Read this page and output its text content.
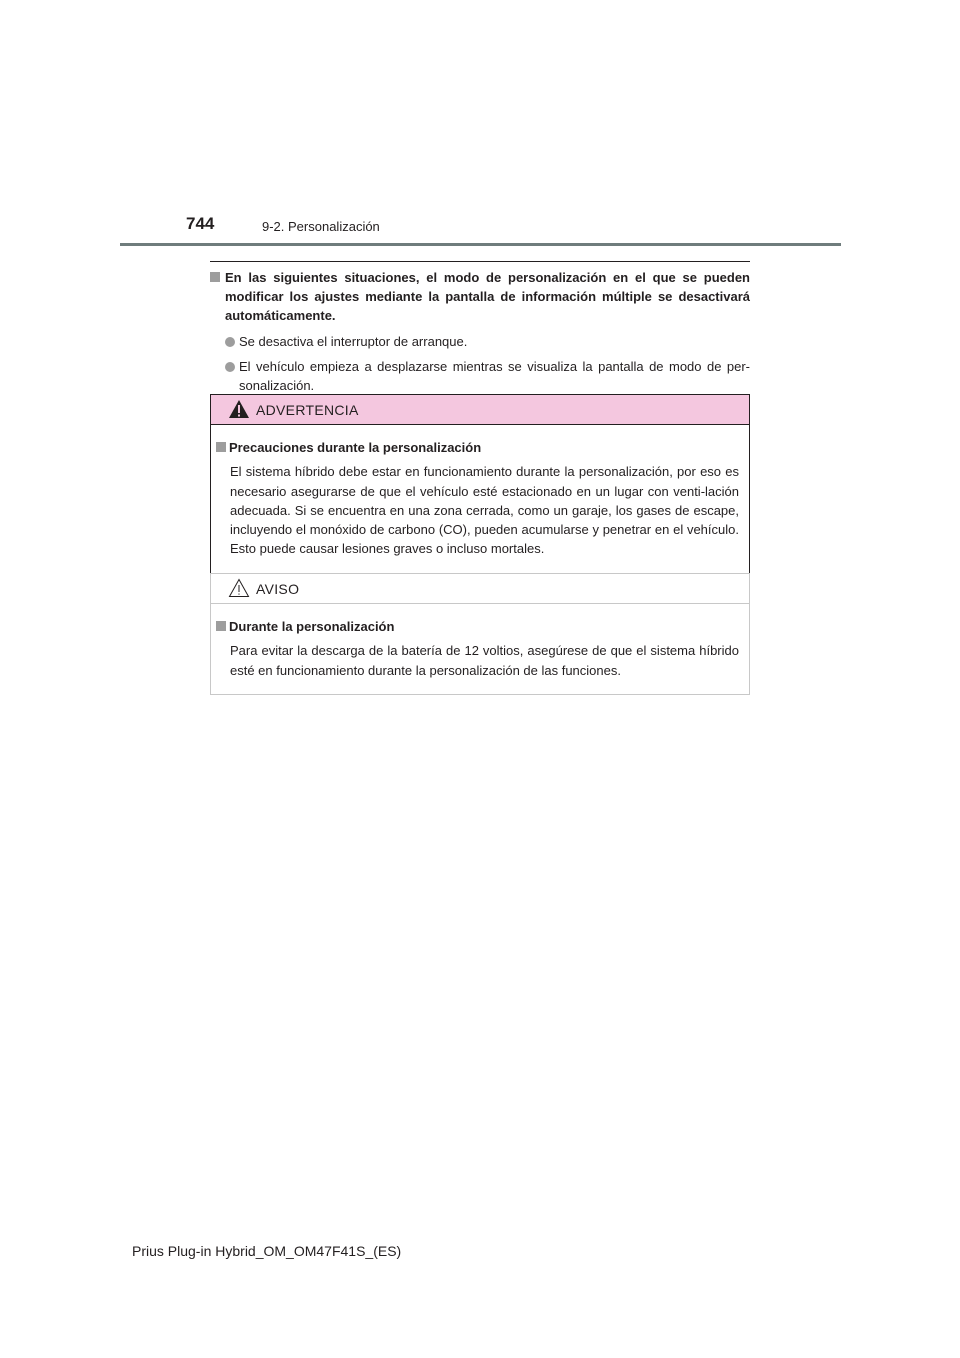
744	9-2. Personalización
En las siguientes situaciones, el modo de personalización en el que se pueden modificar los ajustes mediante la pantalla de información múltiple se desactivará automáticamente.
Se desactiva el interruptor de arranque.
El vehículo empieza a desplazarse mientras se visualiza la pantalla de modo de per-sonalización.
ADVERTENCIA
Precauciones durante la personalización
El sistema híbrido debe estar en funcionamiento durante la personalización, por eso es necesario asegurarse de que el vehículo esté estacionado en un lugar con venti-lación adecuada. Si se encuentra en una zona cerrada, como un garaje, los gases de escape, incluyendo el monóxido de carbono (CO), pueden acumularse y penetrar en el vehículo. Esto puede causar lesiones graves o incluso mortales.
AVISO
Durante la personalización
Para evitar la descarga de la batería de 12 voltios, asegúrese de que el sistema híbrido esté en funcionamiento durante la personalización de las funciones.
Prius Plug-in Hybrid_OM_OM47F41S_(ES)
